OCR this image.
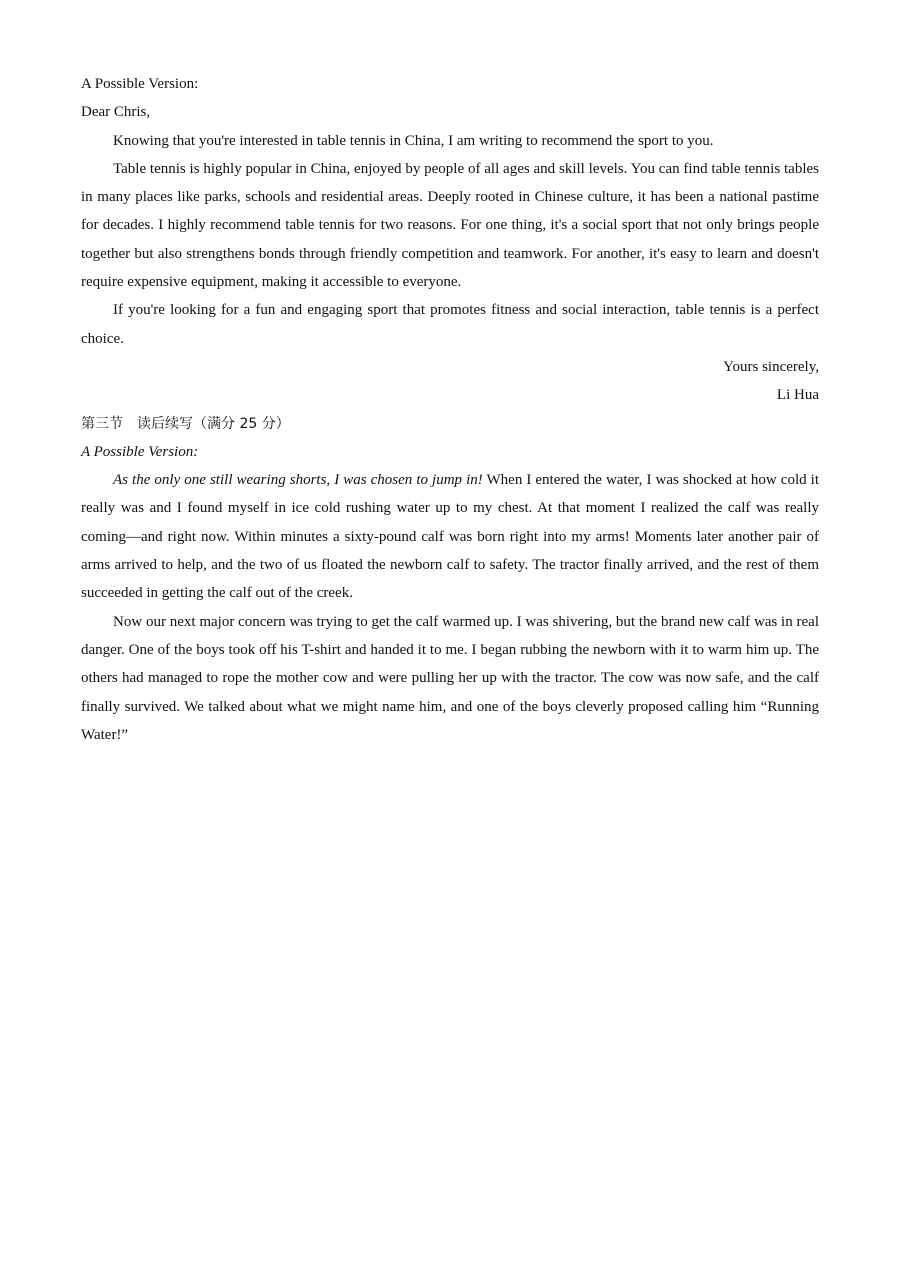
A Possible Version:

Dear Chris,

Knowing that you're interested in table tennis in China, I am writing to recommend the sport to you.

Table tennis is highly popular in China, enjoyed by people of all ages and skill levels. You can find table tennis tables in many places like parks, schools and residential areas. Deeply rooted in Chinese culture, it has been a national pastime for decades. I highly recommend table tennis for two reasons. For one thing, it's a social sport that not only brings people together but also strengthens bonds through friendly competition and teamwork. For another, it's easy to learn and doesn't require expensive equipment, making it accessible to everyone.

If you're looking for a fun and engaging sport that promotes fitness and social interaction, table tennis is a perfect choice.

Yours sincerely,

Li Hua

第三节　读后续写（满分 25 分）

A Possible Version:

As the only one still wearing shorts, I was chosen to jump in! When I entered the water, I was shocked at how cold it really was and I found myself in ice cold rushing water up to my chest. At that moment I realized the calf was really coming—and right now. Within minutes a sixty-pound calf was born right into my arms! Moments later another pair of arms arrived to help, and the two of us floated the newborn calf to safety. The tractor finally arrived, and the rest of them succeeded in getting the calf out of the creek.

Now our next major concern was trying to get the calf warmed up. I was shivering, but the brand new calf was in real danger. One of the boys took off his T-shirt and handed it to me. I began rubbing the newborn with it to warm him up. The others had managed to rope the mother cow and were pulling her up with the tractor. The cow was now safe, and the calf finally survived. We talked about what we might name him, and one of the boys cleverly proposed calling him “Running Water!”
